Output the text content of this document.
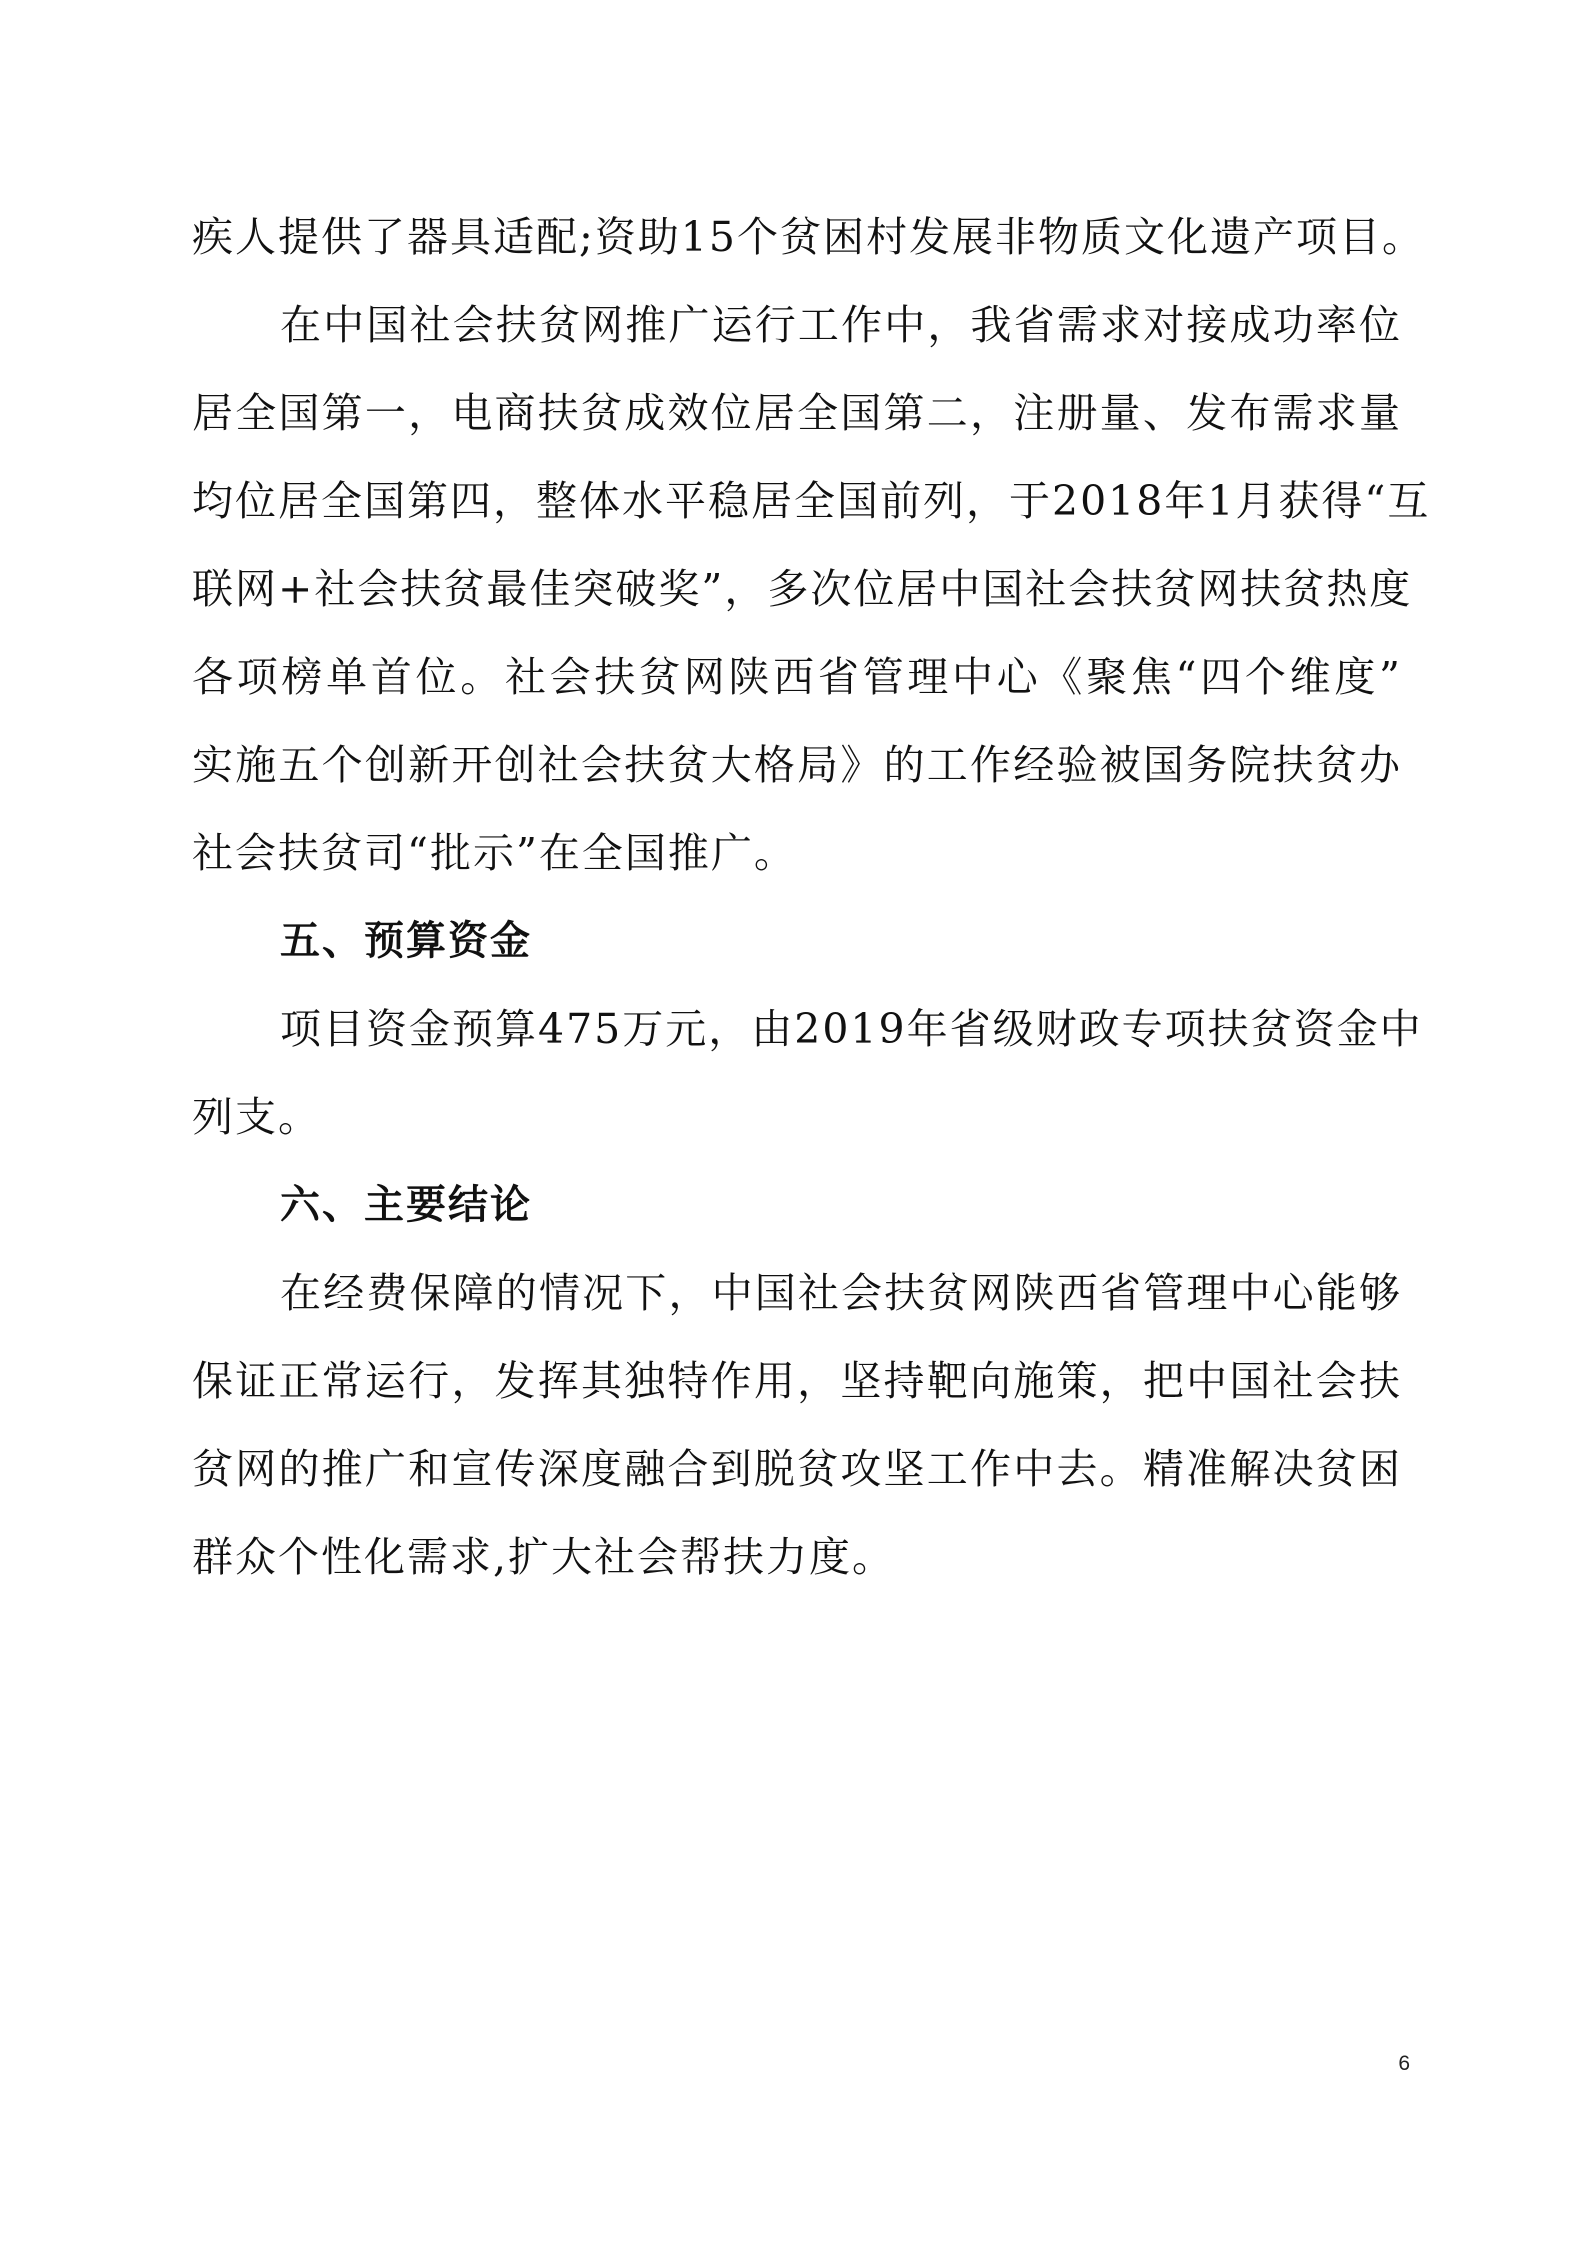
疾人提供了器具适配;资助15个贫困村发展非物质文化遗产项目。
在中国社会扶贫网推广运行工作中，我省需求对接成功率位
居全国第一，电商扶贫成效位居全国第二，注册量、发布需求量
均位居全国第四，整体水平稳居全国前列，于2018年1月获得“互
联网+社会扶贫最佳突破奖”，多次位居中国社会扶贫网扶贫热度
各项榜单首位。社会扶贫网陕西省管理中心《聚焦“四个维度”
实施五个创新开创社会扶贫大格局》的工作经验被国务院扶贫办
社会扶贫司“批示”在全国推广。
五、预算资金
项目资金预算475万元，由2019年省级财政专项扶贫资金中
列支。
六、主要结论
在经费保障的情况下，中国社会扶贫网陕西省管理中心能够
保证正常运行，发挥其独特作用，坚持靶向施策，把中国社会扶
贫网的推广和宣传深度融合到脱贫攻坚工作中去。精准解决贫困
群众个性化需求,扩大社会帮扶力度。
6
